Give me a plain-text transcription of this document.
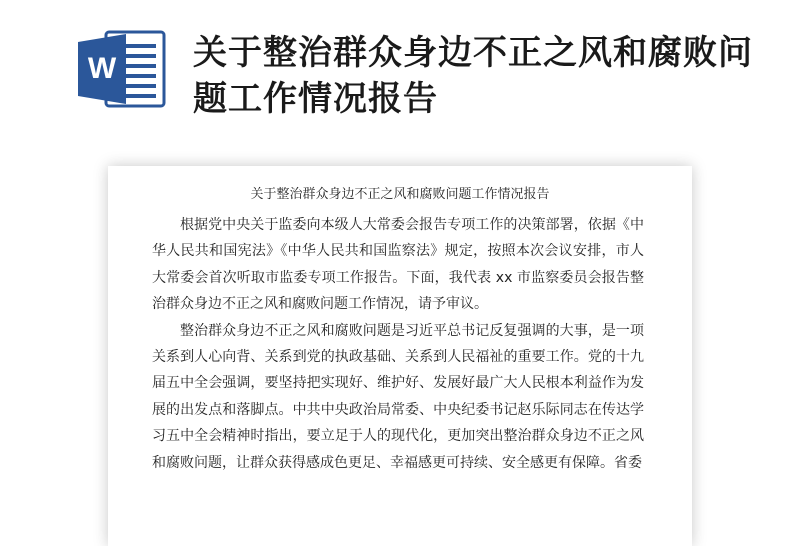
W 关于整治群众身边不正之风和腐败问题工作情况报告
关于整治群众身边不正之风和腐败问题工作情况报告

根据党中央关于监委向本级人大常委会报告专项工作的决策部署，依据《中华人民共和国宪法》《中华人民共和国监察法》规定，按照本次会议安排，市人大常委会首次听取市监委专项工作报告。下面，我代表 xx 市监察委员会报告整治群众身边不正之风和腐败问题工作情况，请予审议。

整治群众身边不正之风和腐败问题是习近平总书记反复强调的大事，是一项关系到人心向背、关系到党的执政基础、关系到人民福祉的重要工作。党的十九届五中全会强调，要坚持把实现好、维护好、发展好最广大人民根本利益作为发展的出发点和落脚点。中共中央政治局常委、中央纪委书记赵乐际同志在传达学习五中全会精神时指出，要立足于人的现代化，更加突出整治群众身边不正之风和腐败问题，让群众获得感成色更足、幸福感更可持续、安全感更有保障。省委
